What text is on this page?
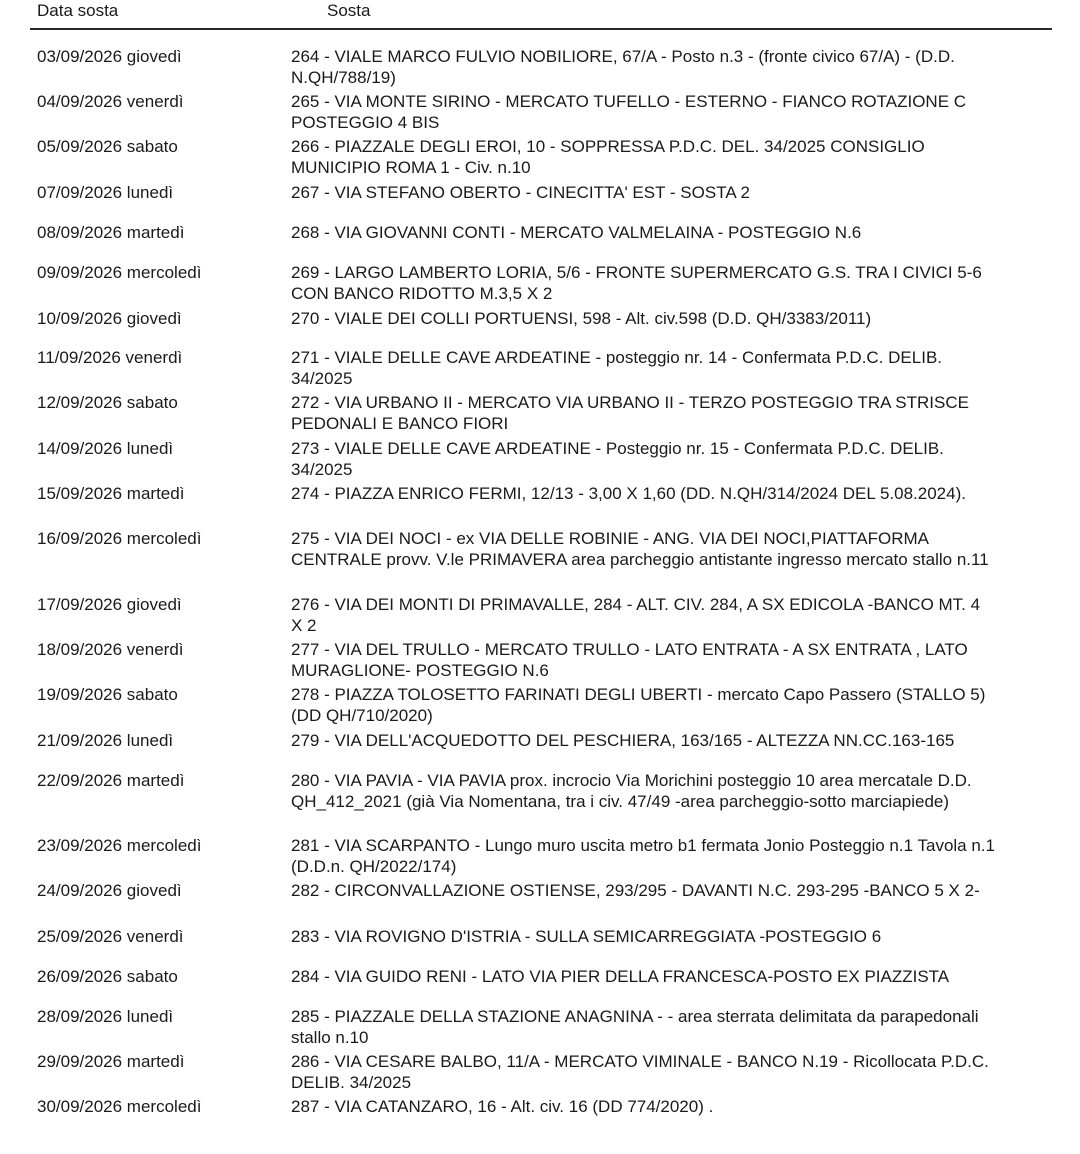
Data sosta	Sosta
03/09/2026 giovedì	264 - VIALE MARCO FULVIO NOBILIORE, 67/A - Posto n.3 - (fronte civico 67/A) - (D.D.
N.QH/788/19)
04/09/2026 venerdì	265 - VIA MONTE SIRINO - MERCATO TUFELLO - ESTERNO - FIANCO ROTAZIONE C
POSTEGGIO 4 BIS
05/09/2026 sabato	266 - PIAZZALE DEGLI EROI, 10 - SOPPRESSA P.D.C. DEL. 34/2025 CONSIGLIO
MUNICIPIO ROMA 1 - Civ. n.10
07/09/2026 lunedì	267 - VIA STEFANO OBERTO - CINECITTA' EST - SOSTA 2
08/09/2026 martedì	268 - VIA GIOVANNI CONTI - MERCATO VALMELAINA - POSTEGGIO N.6
09/09/2026 mercoledì	269 - LARGO LAMBERTO LORIA, 5/6 - FRONTE SUPERMERCATO G.S. TRA I CIVICI 5-6
CON BANCO RIDOTTO M.3,5 X 2
10/09/2026 giovedì	270 - VIALE DEI COLLI PORTUENSI, 598 - Alt. civ.598 (D.D. QH/3383/2011)
11/09/2026 venerdì	271 - VIALE DELLE CAVE ARDEATINE - posteggio nr. 14 - Confermata P.D.C. DELIB.
34/2025
12/09/2026 sabato	272 - VIA URBANO II - MERCATO VIA URBANO II - TERZO POSTEGGIO TRA STRISCE
PEDONALI E BANCO FIORI
14/09/2026 lunedì	273 - VIALE DELLE CAVE ARDEATINE - Posteggio nr. 15 - Confermata P.D.C. DELIB.
34/2025
15/09/2026 martedì	274 - PIAZZA ENRICO FERMI, 12/13 - 3,00 X 1,60 (DD. N.QH/314/2024 DEL 5.08.2024).
16/09/2026 mercoledì	275 - VIA DEI NOCI - ex VIA DELLE ROBINIE - ANG. VIA DEI NOCI,PIATTAFORMA
CENTRALE provv. V.le PRIMAVERA area parcheggio antistante ingresso mercato stallo n.11
17/09/2026 giovedì	276 - VIA DEI MONTI DI PRIMAVALLE, 284 - ALT. CIV. 284, A SX EDICOLA -BANCO MT. 4
X 2
18/09/2026 venerdì	277 - VIA DEL TRULLO - MERCATO TRULLO - LATO ENTRATA - A SX ENTRATA , LATO
MURAGLIONE- POSTEGGIO N.6
19/09/2026 sabato	278 - PIAZZA TOLOSETTO FARINATI DEGLI UBERTI - mercato Capo Passero (STALLO 5)
(DD QH/710/2020)
21/09/2026 lunedì	279 - VIA DELL'ACQUEDOTTO DEL PESCHIERA, 163/165 - ALTEZZA NN.CC.163-165
22/09/2026 martedì	280 - VIA PAVIA - VIA PAVIA prox. incrocio Via Morichini posteggio 10 area mercatale D.D.
QH_412_2021 (già Via Nomentana, tra i civ. 47/49 -area parcheggio-sotto marciapiede)
23/09/2026 mercoledì	281 - VIA SCARPANTO - Lungo muro uscita metro b1 fermata Jonio Posteggio n.1 Tavola n.1
(D.D.n. QH/2022/174)
24/09/2026 giovedì	282 - CIRCONVALLAZIONE OSTIENSE, 293/295 - DAVANTI N.C. 293-295 -BANCO 5 X 2-
25/09/2026 venerdì	283 - VIA ROVIGNO D'ISTRIA - SULLA SEMICARREGGIATA -POSTEGGIO 6
26/09/2026 sabato	284 - VIA GUIDO RENI - LATO VIA PIER DELLA FRANCESCA-POSTO EX PIAZZISTA
28/09/2026 lunedì	285 - PIAZZALE DELLA STAZIONE ANAGNINA - - area sterrata delimitata da parapedonali
stallo n.10
29/09/2026 martedì	286 - VIA CESARE BALBO, 11/A - MERCATO VIMINALE - BANCO N.19 - Ricollocata P.D.C.
DELIB. 34/2025
30/09/2026 mercoledì	287 - VIA CATANZARO, 16 - Alt. civ. 16 (DD 774/2020) .
